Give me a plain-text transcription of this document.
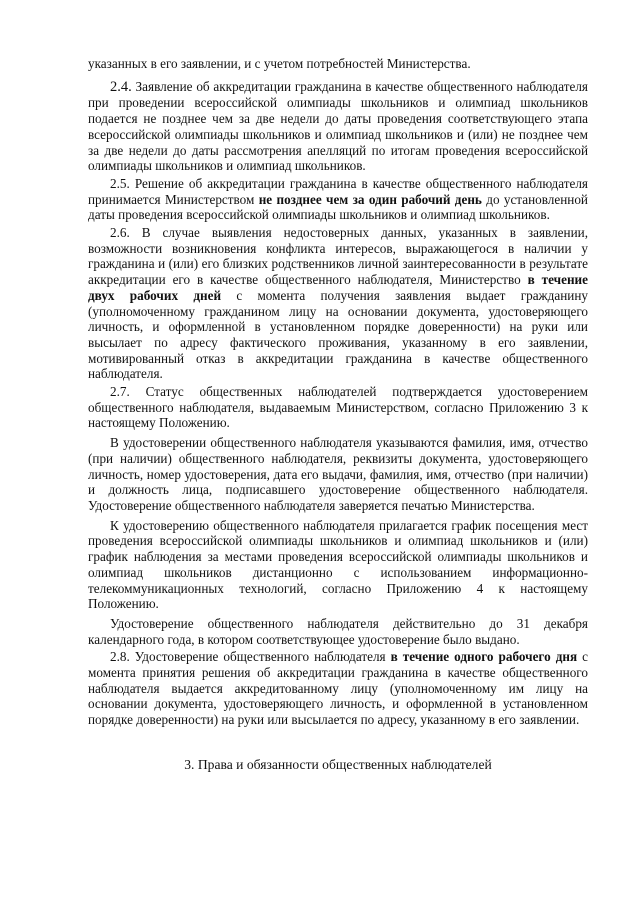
указанных в его заявлении, и с учетом потребностей Министерства.

2.4. Заявление об аккредитации гражданина в качестве общественного наблюдателя при проведении всероссийской олимпиады школьников и олимпиад школьников подается не позднее чем за две недели до даты проведения соответствующего этапа всероссийской олимпиады школьников и олимпиад школьников и (или) не позднее чем за две недели до даты рассмотрения апелляций по итогам проведения всероссийской олимпиады школьников и олимпиад школьников.

2.5. Решение об аккредитации гражданина в качестве общественного наблюдателя принимается Министерством не позднее чем за один рабочий день до установленной даты проведения всероссийской олимпиады школьников и олимпиад школьников.

2.6. В случае выявления недостоверных данных, указанных в заявлении, возможности возникновения конфликта интересов, выражающегося в наличии у гражданина и (или) его близких родственников личной заинтересованности в результате аккредитации его в качестве общественного наблюдателя, Министерство в течение двух рабочих дней с момента получения заявления выдает гражданину (уполномоченному гражданином лицу на основании документа, удостоверяющего личность, и оформленной в установленном порядке доверенности) на руки или высылает по адресу фактического проживания, указанному в его заявлении, мотивированный отказ в аккредитации гражданина в качестве общественного наблюдателя.

2.7. Статус общественных наблюдателей подтверждается удостоверением общественного наблюдателя, выдаваемым Министерством, согласно Приложению 3 к настоящему Положению.

В удостоверении общественного наблюдателя указываются фамилия, имя, отчество (при наличии) общественного наблюдателя, реквизиты документа, удостоверяющего личность, номер удостоверения, дата его выдачи, фамилия, имя, отчество (при наличии) и должность лица, подписавшего удостоверение общественного наблюдателя. Удостоверение общественного наблюдателя заверяется печатью Министерства.

К удостоверению общественного наблюдателя прилагается график посещения мест проведения всероссийской олимпиады школьников и олимпиад школьников и (или) график наблюдения за местами проведения всероссийской олимпиады школьников и олимпиад школьников дистанционно с использованием информационно-телекоммуникационных технологий, согласно Приложению 4 к настоящему Положению.

Удостоверение общественного наблюдателя действительно до 31 декабря календарного года, в котором соответствующее удостоверение было выдано.

2.8. Удостоверение общественного наблюдателя в течение одного рабочего дня с момента принятия решения об аккредитации гражданина в качестве общественного наблюдателя выдается аккредитованному лицу (уполномоченному им лицу на основании документа, удостоверяющего личность, и оформленной в установленном порядке доверенности) на руки или высылается по адресу, указанному в его заявлении.

3. Права и обязанности общественных наблюдателей
